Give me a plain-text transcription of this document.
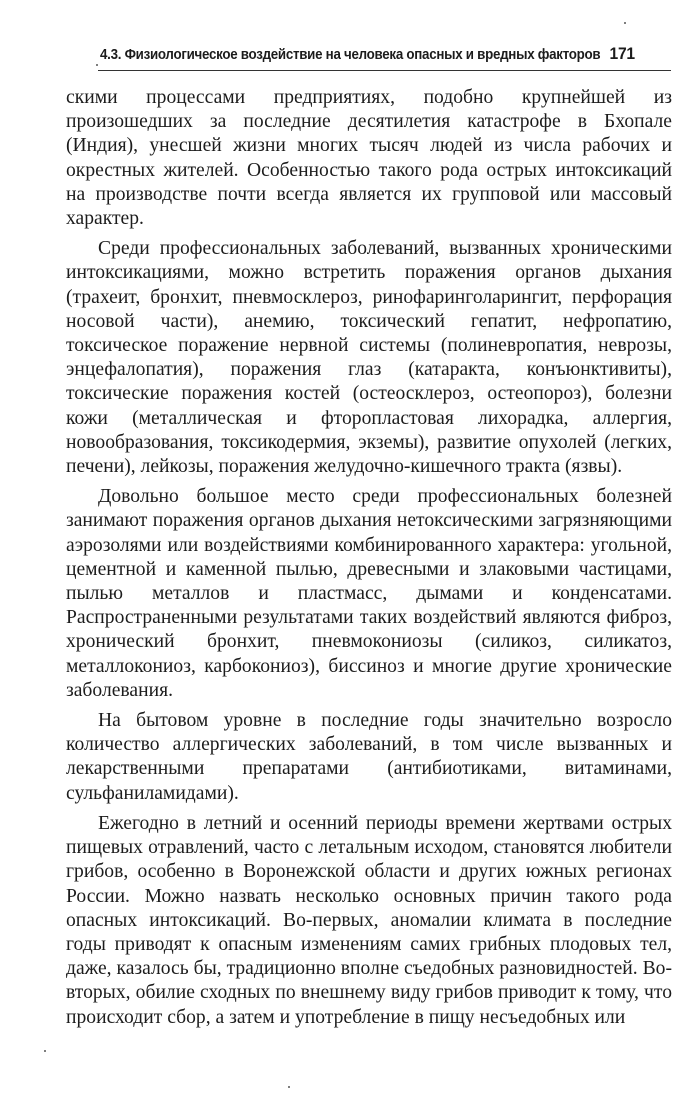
4.3. Физиологическое воздействие на человека опасных и вредных факторов 171

скими процессами предприятиях, подобно крупнейшей из произошедших за последние десятилетия катастрофе в Бхопале (Индия), унесшей жизни многих тысяч людей из числа рабочих и окрестных жителей. Особенностью такого рода острых интоксикаций на производстве почти всегда является их групповой или массовый характер.

Среди профессиональных заболеваний, вызванных хроническими интоксикациями, можно встретить поражения органов дыхания (трахеит, бронхит, пневмосклероз, ринофаринголарингит, перфорация носовой части), анемию, токсический гепатит, нефропатию, токсическое поражение нервной системы (полиневропатия, неврозы, энцефалопатия), поражения глаз (катаракта, конъюнктивиты), токсические поражения костей (остеосклероз, остеопороз), болезни кожи (металлическая и фторопластовая лихорадка, аллергия, новообразования, токсикодермия, экземы), развитие опухолей (легких, печени), лейкозы, поражения желудочно-кишечного тракта (язвы).

Довольно большое место среди профессиональных болезней занимают поражения органов дыхания нетоксическими загрязняющими аэрозолями или воздействиями комбинированного характера: угольной, цементной и каменной пылью, древесными и злаковыми частицами, пылью металлов и пластмасс, дымами и конденсатами. Распространенными результатами таких воздействий являются фиброз, хронический бронхит, пневмокониозы (силикоз, силикатоз, металлокониоз, карбокониоз), биссиноз и многие другие хронические заболевания.

На бытовом уровне в последние годы значительно возросло количество аллергических заболеваний, в том числе вызванных и лекарственными препаратами (антибиотиками, витаминами, сульфаниламидами).

Ежегодно в летний и осенний периоды времени жертвами острых пищевых отравлений, часто с летальным исходом, становятся любители грибов, особенно в Воронежской области и других южных регионах России. Можно назвать несколько основных причин такого рода опасных интоксикаций. Во-первых, аномалии климата в последние годы приводят к опасным изменениям самих грибных плодовых тел, даже, казалось бы, традиционно вполне съедобных разновидностей. Во-вторых, обилие сходных по внешнему виду грибов приводит к тому, что происходит сбор, а затем и употребление в пищу несъедобных или
